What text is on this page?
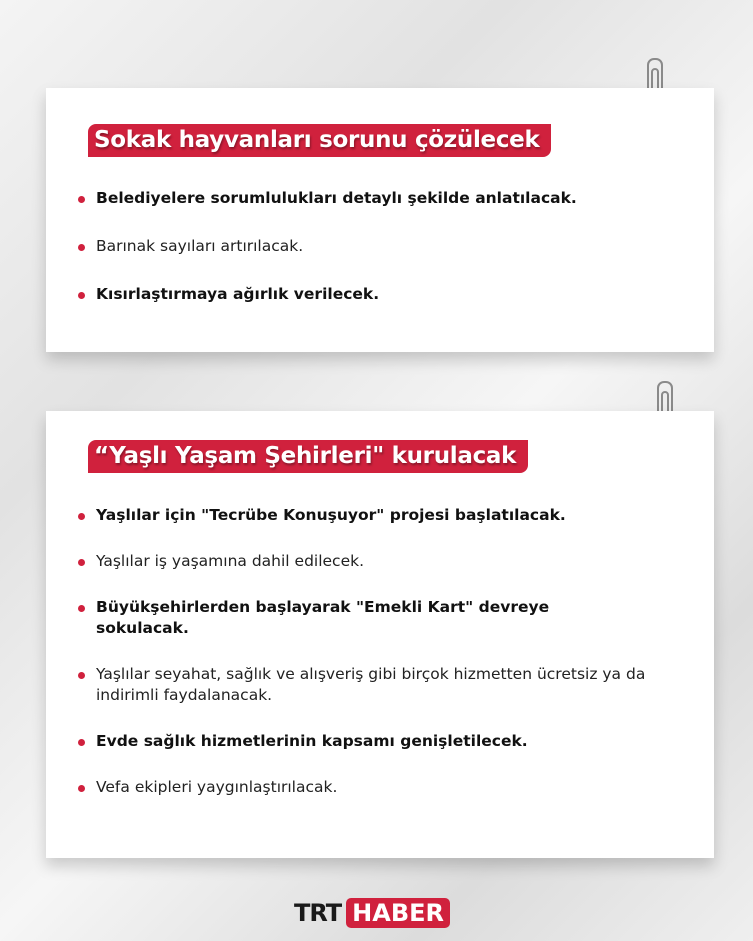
Sokak hayvanları sorunu çözülecek
Belediyelere sorumlulukları detaylı şekilde anlatılacak.
Barınak sayıları artırılacak.
Kısırlaştırmaya ağırlık verilecek.
“Yaşlı Yaşam Şehirleri" kurulacak
Yaşlılar için "Tecrübe Konuşuyor" projesi başlatılacak.
Yaşlılar iş yaşamına dahil edilecek.
Büyükşehirlerden başlayarak "Emekli Kart" devreye sokulacak.
Yaşlılar seyahat, sağlık ve alışveriş gibi birçok hizmetten ücretsiz ya da indirimli faydalanacak.
Evde sağlık hizmetlerinin kapsamı genişletilecek.
Vefa ekipleri yaygınlaştırılacak.
TRT HABER
